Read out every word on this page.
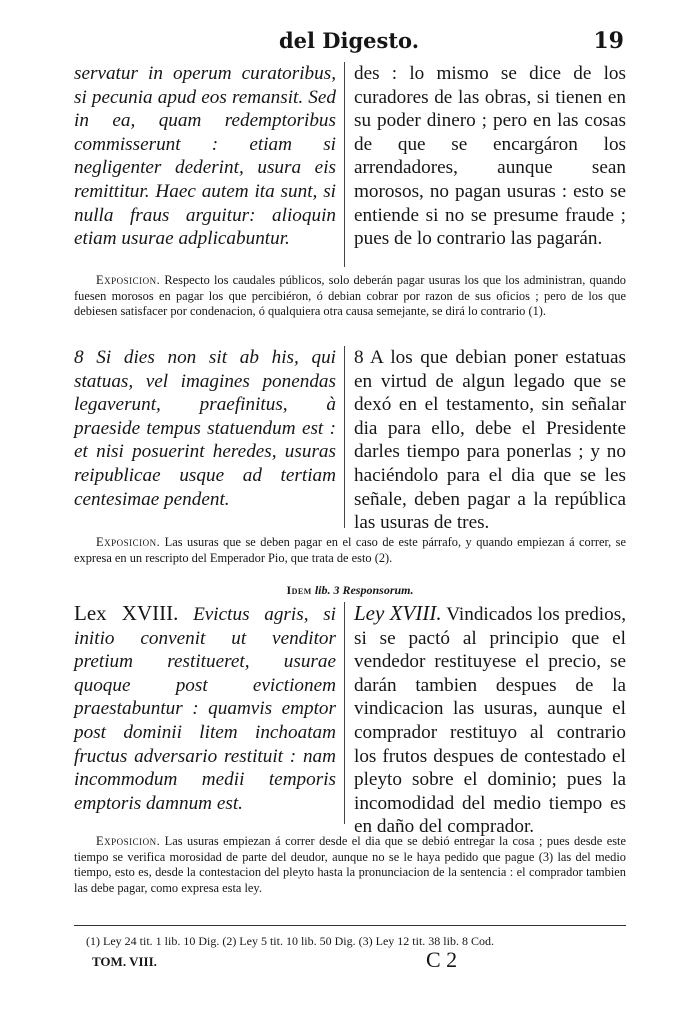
del Digesto.	19

servatur in operum curatoribus, si pecunia apud eos remansit. Sed in ea, quam redemptoribus commisserunt : etiam si negligenter dederint, usura eis remittitur. Haec autem ita sunt, si nulla fraus arguitur: alioquin etiam usurae adplicabuntur.

des : lo mismo se dice de los curadores de las obras, si tienen en su poder dinero ; pero en las cosas de que se encargáron los arrendadores, aunque sean morosos, no pagan usuras : esto se entiende si no se presume fraude ; pues de lo contrario las pagarán.

Exposicion. Respecto los caudales públicos, solo deberán pagar usuras los que los administran, quando fuesen morosos en pagar los que percibiéron, ó debian cobrar por razon de sus oficios ; pero de los que debiesen satisfacer por condenacion, ó qualquiera otra causa semejante, se dirá lo contrario (1).

8 Si dies non sit ab his, qui statuas, vel imagines ponendas legaverunt, praefinitus, à praeside tempus statuendum est : et nisi posuerint heredes, usuras reipublicae usque ad tertiam centesimae pendent.

8 A los que debian poner estatuas en virtud de algun legado que se dexó en el testamento, sin señalar dia para ello, debe el Presidente darles tiempo para ponerlas ; y no haciéndolo para el dia que se les señale, deben pagar a la república las usuras de tres.

Exposicion. Las usuras que se deben pagar en el caso de este párrafo, y quando empiezan á correr, se expresa en un rescripto del Emperador Pio, que trata de esto (2).

Idem lib. 3 Responsorum.

Lex XVIII. Evictus agris, si initio convenit ut venditor pretium restitueret, usurae quoque post evictionem praestabuntur : quamvis emptor post dominii litem inchoatam fructus adversario restituit : nam incommodum medii temporis emptoris damnum est.

Ley XVIII. Vindicados los predios, si se pactó al principio que el vendedor restituyese el precio, se darán tambien despues de la vindicacion las usuras, aunque el comprador restituyo al contrario los frutos despues de contestado el pleyto sobre el dominio; pues la incomodidad del medio tiempo es en daño del comprador.

Exposicion. Las usuras empiezan á correr desde el dia que se debió entregar la cosa ; pues desde este tiempo se verifica morosidad de parte del deudor, aunque no se le haya pedido que pague (3) las del medio tiempo, esto es, desde la contestacion del pleyto hasta la pronunciacion de la sentencia : el comprador tambien las debe pagar, como expresa esta ley.

(1) Ley 24 tit. 1 lib. 10 Dig. (2) Ley 5 tit. 10 lib. 50 Dig. (3) Ley 12 tit. 38 lib. 8 Cod.
TOM. VIII.	C 2
